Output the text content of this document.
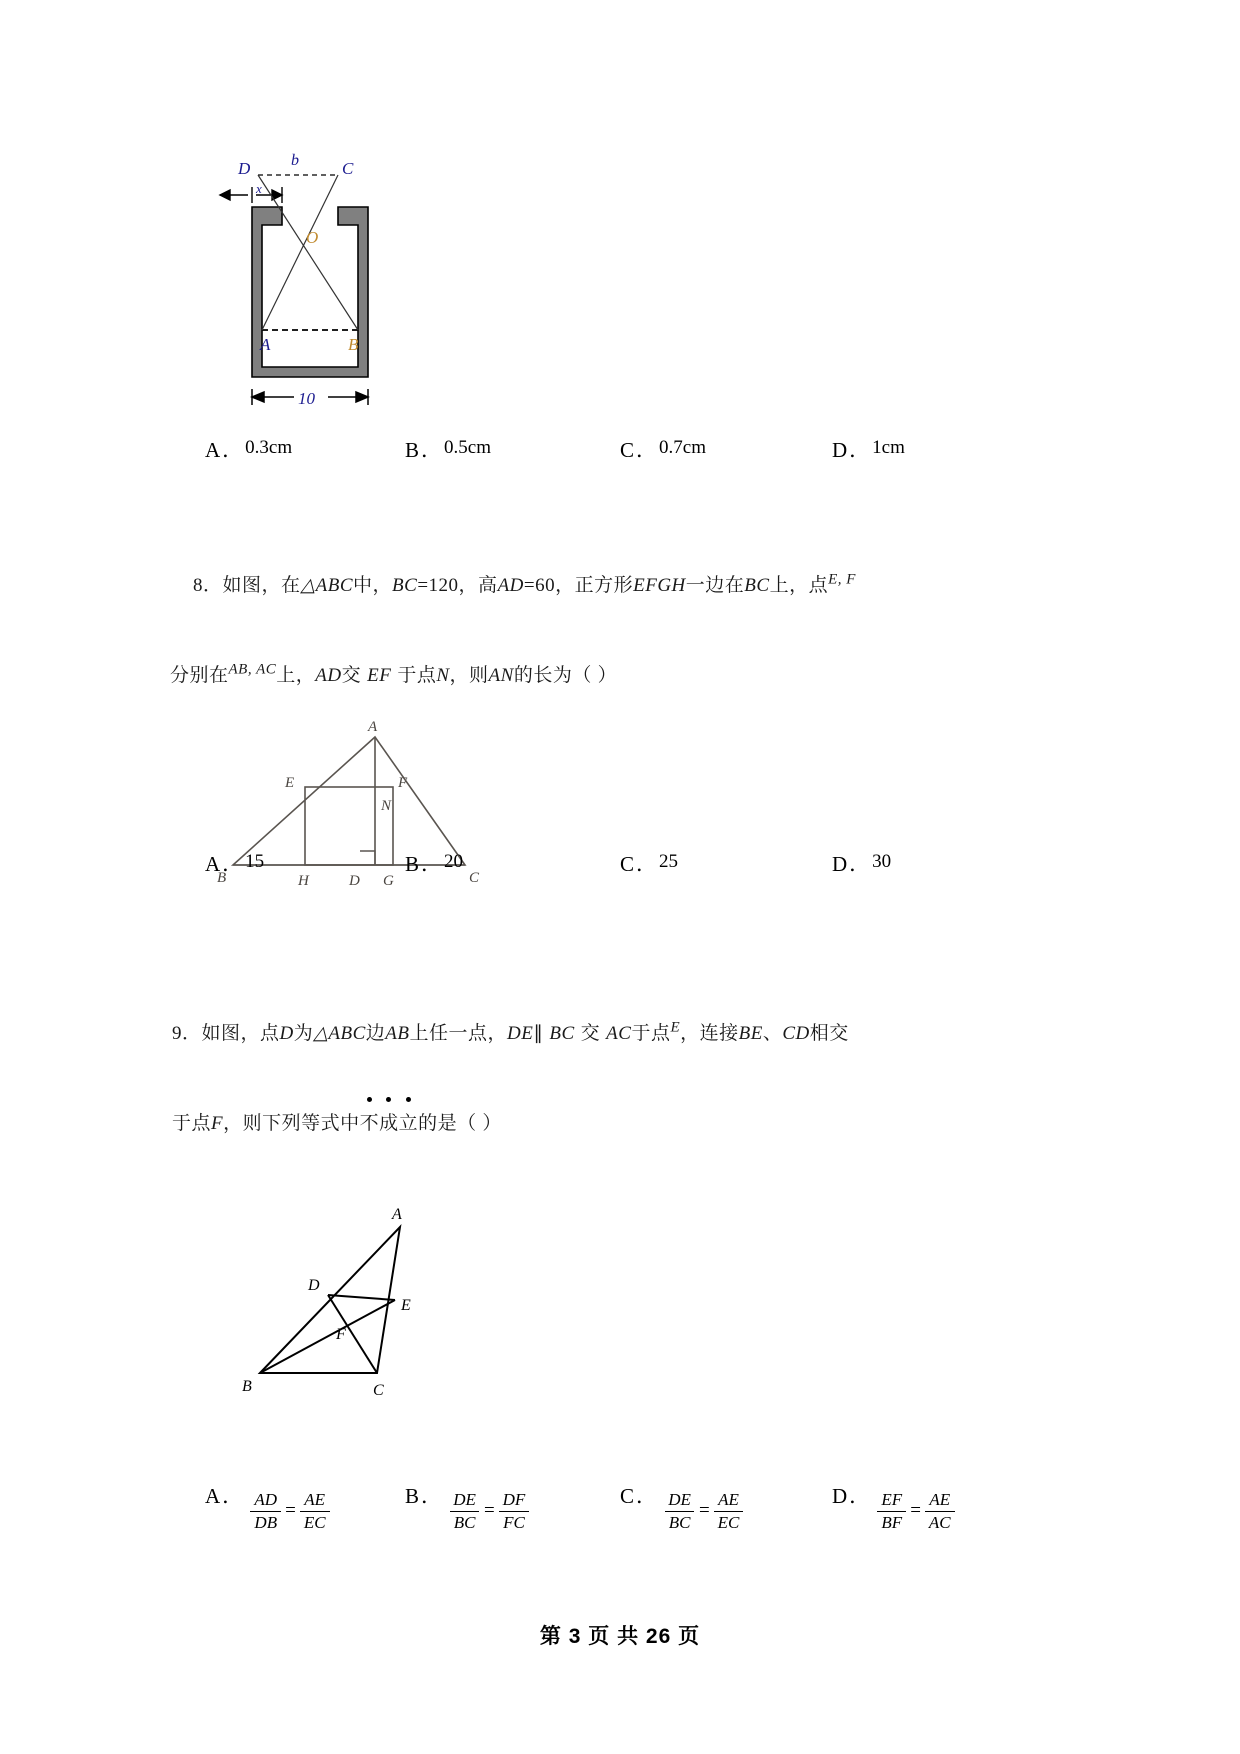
x
D	C
b
O
A	B
10
A． 0.3cm	B． 0.5cm	C． 0.7cm	D． 1cm
8．如图，在△ABC中，BC=120，高AD=60，正方形EFGH一边在BC上，点$^{E, F}$
分别在$^{AB, AC}$上，AD交 EF 于点N，则AN的长为（ ）
A
E	F
N
B	H	D G	C
A． 15	B． 20	C． 25	D． 30
9．如图，点D为△ABC边AB上任一点，DE∥ BC 交 AC于点$^E$，连接BE、CD相交
于点F，则下列等式中
不成立的是（ ）
A
D
E
F
B	C
A． $\frac{AD}{DB} = \frac{AE}{EC}$	B． $\frac{DE}{BC} = \frac{DF}{FC}$	C． $\frac{DE}{BC} = \frac{AE}{EC}$	D． $\frac{EF}{BF} = \frac{AE}{AC}$
第 3 页 共 26 页
